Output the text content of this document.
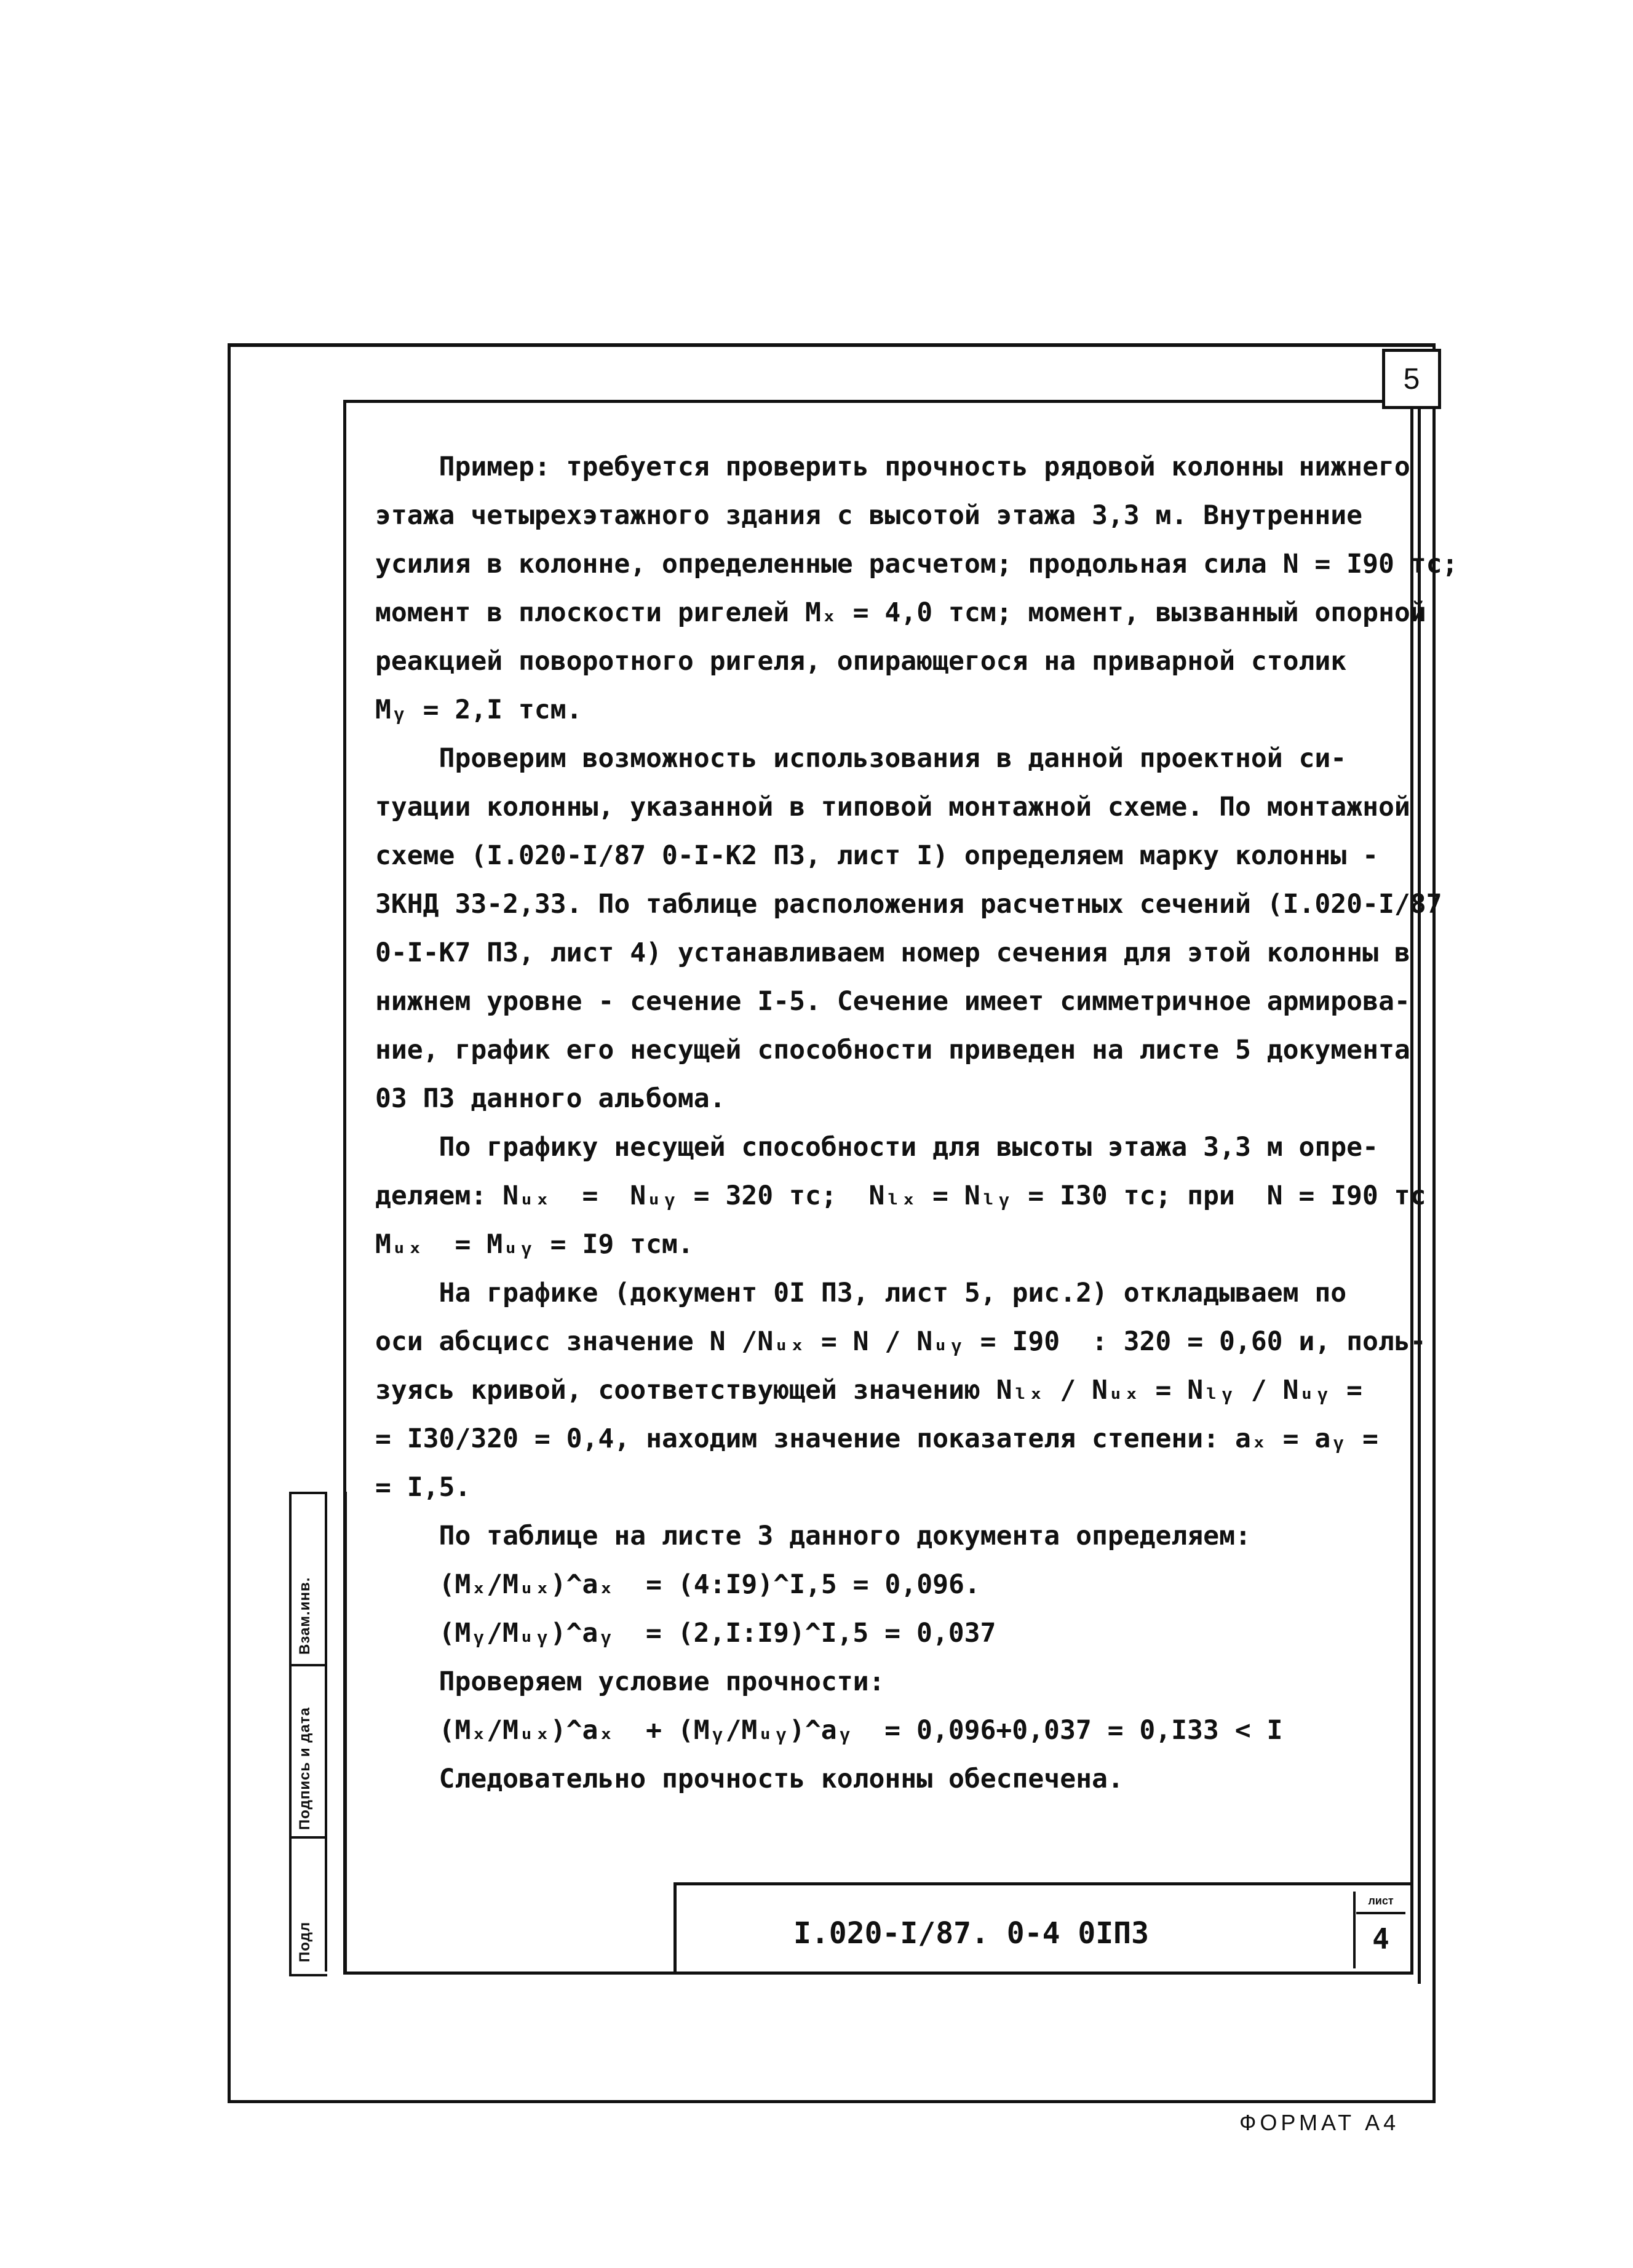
5
Взам.инв.
Подпись и дата
Подл
Пример: требуется проверить прочность рядовой колонны нижнего
этажа четырехэтажного здания с высотой этажа 3,3 м. Внутренние
усилия в колонне, определенные расчетом; продольная сила N = I90 тс;
момент в плоскости ригелей Mₓ = 4,0 тсм; момент, вызванный опорной
реакцией поворотного ригеля, опирающегося на приварной столик
Mᵧ = 2,I тсм.
Проверим возможность использования в данной проектной си-
туации колонны, указанной в типовой монтажной схеме. По монтажной
схеме (I.020-I/87 0-I-К2 ПЗ, лист I) определяем марку колонны -
3КНД 33-2,33. По таблице расположения расчетных сечений (I.020-I/87
0-I-К7 ПЗ, лист 4) устанавливаем номер сечения для этой колонны в
нижнем уровне - сечение I-5. Сечение имеет симметричное армирова-
ние, график его несущей способности приведен на листе 5 документа
03 ПЗ данного альбома.
По графику несущей способности для высоты этажа 3,3 м опре-
деляем: Nᵤₓ  =  Nᵤᵧ = 320 тс;  Nₗₓ = Nₗᵧ = I30 тс; при  N = I90 тс
Mᵤₓ  = Mᵤᵧ = I9 тсм.
На графике (документ 0I ПЗ, лист 5, рис.2) откладываем по
оси абсцисс значение N /Nᵤₓ = N / Nᵤᵧ = I90  : 320 = 0,60 и, поль-
зуясь кривой, соответствующей значению Nₗₓ / Nᵤₓ = Nₗᵧ / Nᵤᵧ =
= I30/320 = 0,4, находим значение показателя степени: aₓ = aᵧ =
= I,5.
По таблице на листе 3 данного документа определяем:
(Mₓ/Mᵤₓ)^aₓ  = (4:I9)^I,5 = 0,096.
(Mᵧ/Mᵤᵧ)^aᵧ  = (2,I:I9)^I,5 = 0,037
Проверяем условие прочности:
(Mₓ/Mᵤₓ)^aₓ  + (Mᵧ/Mᵤᵧ)^aᵧ  = 0,096+0,037 = 0,I33 < I
Следовательно прочность колонны обеспечена.
I.020-I/87. 0-4 0IПЗ
лист
4
ФОРМАТ А4
